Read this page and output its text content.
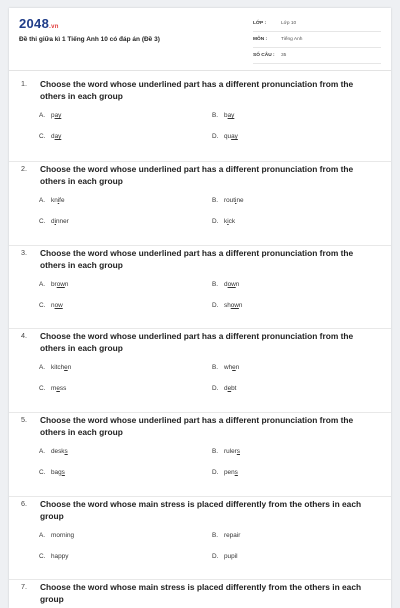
2048.vn
Đề thi giữa kì 1 Tiếng Anh 10 có đáp án (Đề 3)
LỚP :	Lớp 10
MÔN :	Tiếng Anh
SỐ CÂU :	35
1. Choose the word whose underlined part has a different pronunciation from the others in each group
A. p ay	B. b ay
C. d ay	D. qu ay
2. Choose the word whose underlined part has a different pronunciation from the others in each group
A. kn i fe	B. rout i ne
C. d i nner	D. k i ck
3. Choose the word whose underlined part has a different pronunciation from the others in each group
A. br ow n	B. d ow n
C. n ow	D. sh ow n
4. Choose the word whose underlined part has a different pronunciation from the others in each group
A. kitch e n	B. wh e n
C. m e ss	D. d e bt
5. Choose the word whose underlined part has a different pronunciation from the others in each group
A. desk s	B. ruler s
C. bag s	D. pen s
6. Choose the word whose main stress is placed differently from the others in each group
A. morning	B. repair
C. happy	D. pupil
7. Choose the word whose main stress is placed differently from the others in each group
